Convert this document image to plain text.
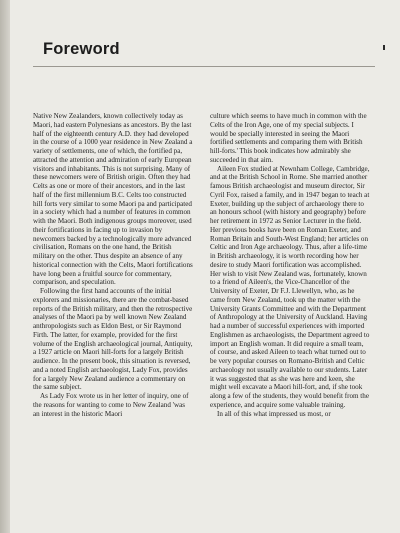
Foreword

Native New Zealanders, known collectively today as Maori, had eastern Polynesians as ancestors. By the last half of the eighteenth century A.D. they had developed in the course of a 1000 year residence in New Zealand a variety of settlements, one of which, the fortified pa, attracted the attention and admiration of early European visitors and inhabitants. This is not surprising. Many of these newcomers were of British origin. Often they had Celts as one or more of their ancestors, and in the last half of the first millennium B.C. Celts too constructed hill forts very similar to some Maori pa and participated in a society which had a number of features in common with the Maori. Both indigenous groups moreover, used their fortifications in facing up to invasion by newcomers backed by a technologically more advanced civilisation, Romans on the one hand, the British military on the other. Thus despite an absence of any historical connection with the Celts, Maori fortifications have long been a fruitful source for commentary, comparison, and speculation.

Following the first hand accounts of the initial explorers and missionaries, there are the combat-based reports of the British military, and then the retrospective analyses of the Maori pa by well known New Zealand anthropologists such as Eldon Best, or Sir Raymond Firth. The latter, for example, provided for the first volume of the English archaeological journal, Antiquity, a 1927 article on Maori hill-forts for a largely British audience. In the present book, this situation is reversed, and a noted English archaeologist, Lady Fox, provides for a largely New Zealand audience a commentary on the same subject.

As Lady Fox wrote us in her letter of inquiry, one of the reasons for wanting to come to New Zealand 'was an interest in the historic Maori

culture which seems to have much in common with the Celts of the Iron Age, one of my special subjects. I would be specially interested in seeing the Maori fortified settlements and comparing them with British hill-forts.' This book indicates how admirably she succeeded in that aim.

Aileen Fox studied at Newnham College, Cambridge, and at the British School in Rome. She married another famous British archaeologist and museum director, Sir Cyril Fox, raised a family, and in 1947 began to teach at Exeter, building up the subject of archaeology there to an honours school (with history and geography) before her retirement in 1972 as Senior Lecturer in the field. Her previous books have been on Roman Exeter, and Roman Britain and South-West England; her articles on Celtic and Iron Age archaeology. Thus, after a life-time in British archaeology, it is worth recording how her desire to study Maori fortification was accomplished. Her wish to visit New Zealand was, fortunately, known to a friend of Aileen's, the Vice-Chancellor of the University of Exeter, Dr F.J. Llewellyn, who, as he came from New Zealand, took up the matter with the University Grants Committee and with the Department of Anthropology at the University of Auckland. Having had a number of successful experiences with imported Englishmen as archaeologists, the Department agreed to import an English woman. It did require a small team, of course, and asked Aileen to teach what turned out to be very popular courses on Romano-British and Celtic archaeology not usually available to our students. Later it was suggested that as she was here and keen, she might well excavate a Maori hill-fort, and, if she took along a few of the students, they would benefit from the experience, and acquire some valuable training.

In all of this what impressed us most, or
